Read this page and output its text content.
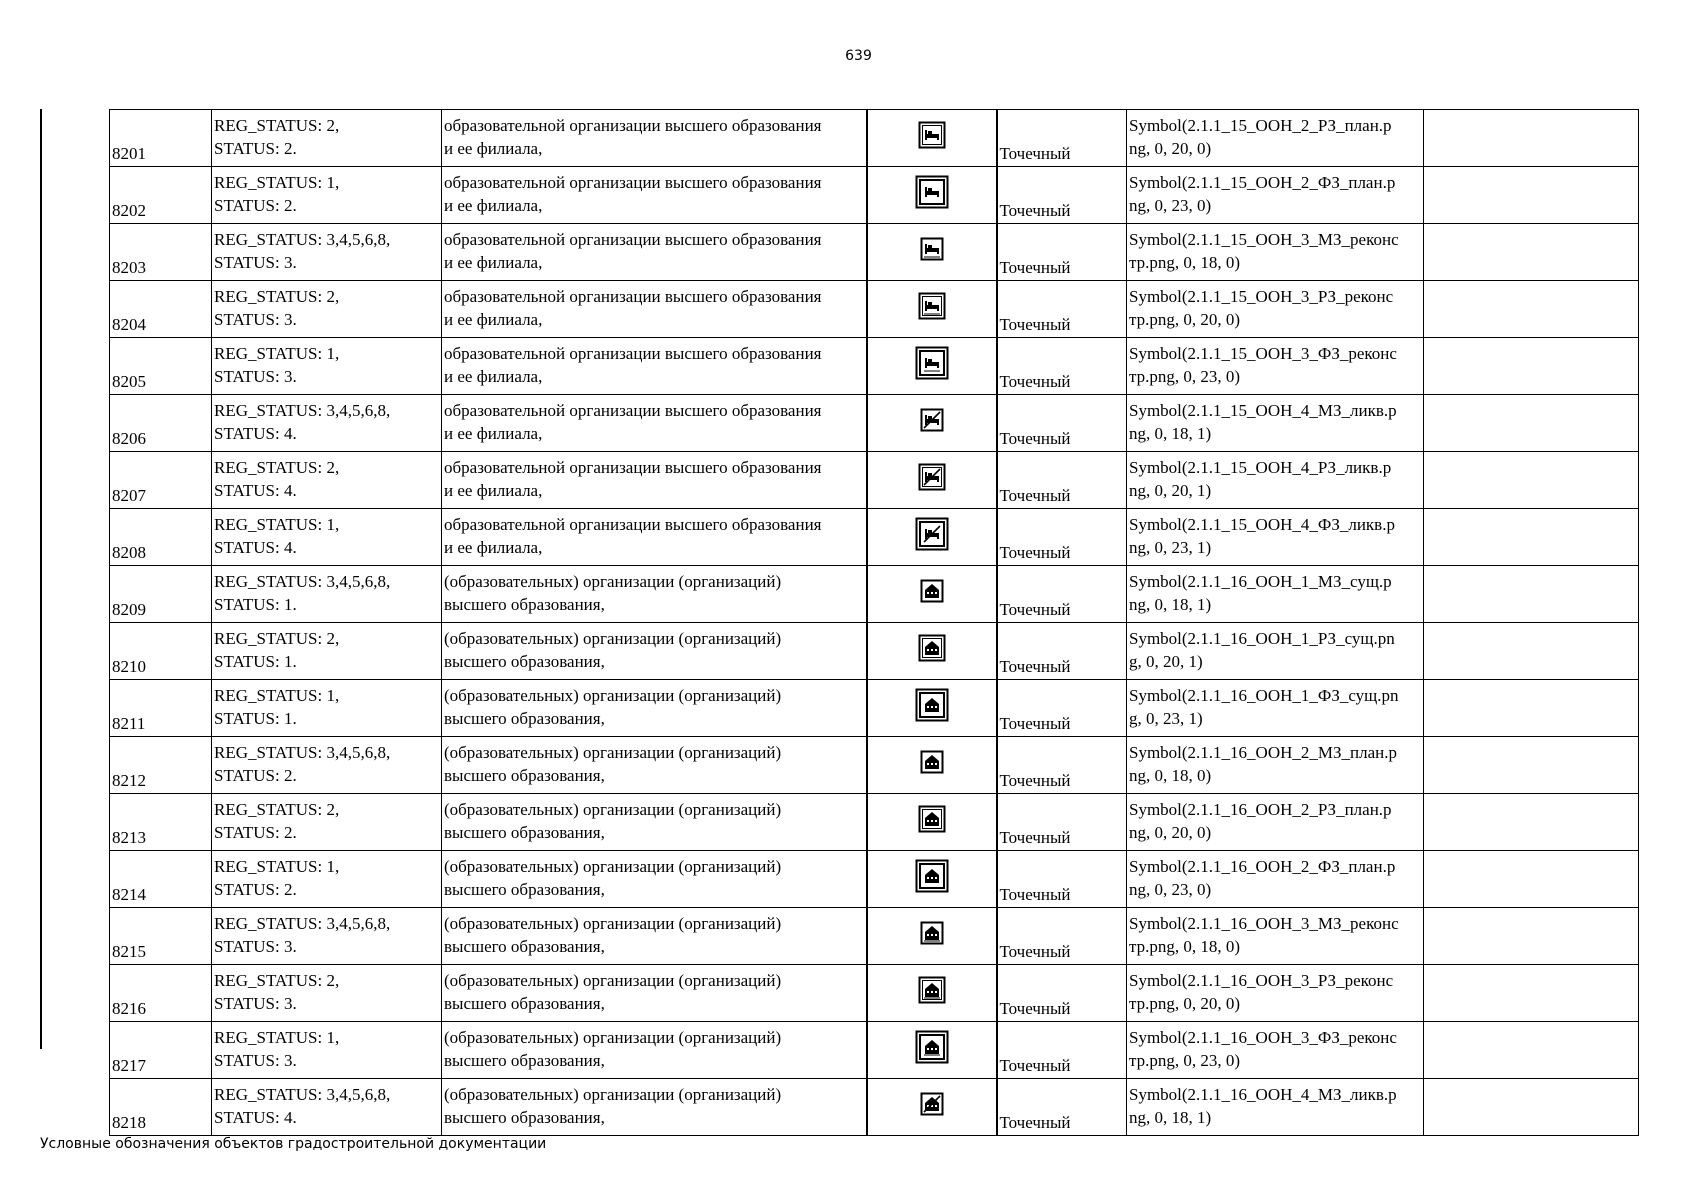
639
8201	REG_STATUS: 2,
STATUS: 2.	образовательной организации высшего образования
и ее филиала,		Точечный	Symbol(2.1.1_15_ООН_2_РЗ_план.p
ng, 0, 20, 0)	

8202	REG_STATUS: 1,
STATUS: 2.	образовательной организации высшего образования
и ее филиала,		Точечный	Symbol(2.1.1_15_ООН_2_ФЗ_план.p
ng, 0, 23, 0)	

8203	REG_STATUS: 3,4,5,6,8,
STATUS: 3.	образовательной организации высшего образования
и ее филиала,		Точечный	Symbol(2.1.1_15_ООН_3_МЗ_реконс
тр.png, 0, 18, 0)	

8204	REG_STATUS: 2,
STATUS: 3.	образовательной организации высшего образования
и ее филиала,		Точечный	Symbol(2.1.1_15_ООН_3_РЗ_реконс
тр.png, 0, 20, 0)	

8205	REG_STATUS: 1,
STATUS: 3.	образовательной организации высшего образования
и ее филиала,		Точечный	Symbol(2.1.1_15_ООН_3_ФЗ_реконс
тр.png, 0, 23, 0)	

8206	REG_STATUS: 3,4,5,6,8,
STATUS: 4.	образовательной организации высшего образования
и ее филиала,		Точечный	Symbol(2.1.1_15_ООН_4_МЗ_ликв.p
ng, 0, 18, 1)	

8207	REG_STATUS: 2,
STATUS: 4.	образовательной организации высшего образования
и ее филиала,		Точечный	Symbol(2.1.1_15_ООН_4_РЗ_ликв.p
ng, 0, 20, 1)	

8208	REG_STATUS: 1,
STATUS: 4.	образовательной организации высшего образования
и ее филиала,		Точечный	Symbol(2.1.1_15_ООН_4_ФЗ_ликв.p
ng, 0, 23, 1)	

8209	REG_STATUS: 3,4,5,6,8,
STATUS: 1.	(образовательных) организации (организаций)
высшего образования,		Точечный	Symbol(2.1.1_16_ООН_1_МЗ_сущ.p
ng, 0, 18, 1)	

8210	REG_STATUS: 2,
STATUS: 1.	(образовательных) организации (организаций)
высшего образования,		Точечный	Symbol(2.1.1_16_ООН_1_РЗ_сущ.pn
g, 0, 20, 1)	

8211	REG_STATUS: 1,
STATUS: 1.	(образовательных) организации (организаций)
высшего образования,		Точечный	Symbol(2.1.1_16_ООН_1_ФЗ_сущ.pn
g, 0, 23, 1)	

8212	REG_STATUS: 3,4,5,6,8,
STATUS: 2.	(образовательных) организации (организаций)
высшего образования,		Точечный	Symbol(2.1.1_16_ООН_2_МЗ_план.p
ng, 0, 18, 0)	

8213	REG_STATUS: 2,
STATUS: 2.	(образовательных) организации (организаций)
высшего образования,		Точечный	Symbol(2.1.1_16_ООН_2_РЗ_план.p
ng, 0, 20, 0)	

8214	REG_STATUS: 1,
STATUS: 2.	(образовательных) организации (организаций)
высшего образования,		Точечный	Symbol(2.1.1_16_ООН_2_ФЗ_план.p
ng, 0, 23, 0)	

8215	REG_STATUS: 3,4,5,6,8,
STATUS: 3.	(образовательных) организации (организаций)
высшего образования,		Точечный	Symbol(2.1.1_16_ООН_3_МЗ_реконс
тр.png, 0, 18, 0)	

8216	REG_STATUS: 2,
STATUS: 3.	(образовательных) организации (организаций)
высшего образования,		Точечный	Symbol(2.1.1_16_ООН_3_РЗ_реконс
тр.png, 0, 20, 0)	

8217	REG_STATUS: 1,
STATUS: 3.	(образовательных) организации (организаций)
высшего образования,		Точечный	Symbol(2.1.1_16_ООН_3_ФЗ_реконс
тр.png, 0, 23, 0)	

8218	REG_STATUS: 3,4,5,6,8,
STATUS: 4.	(образовательных) организации (организаций)
высшего образования,		Точечный	Symbol(2.1.1_16_ООН_4_МЗ_ликв.p
ng, 0, 18, 1)	

Условные обозначения объектов градостроительной документации
